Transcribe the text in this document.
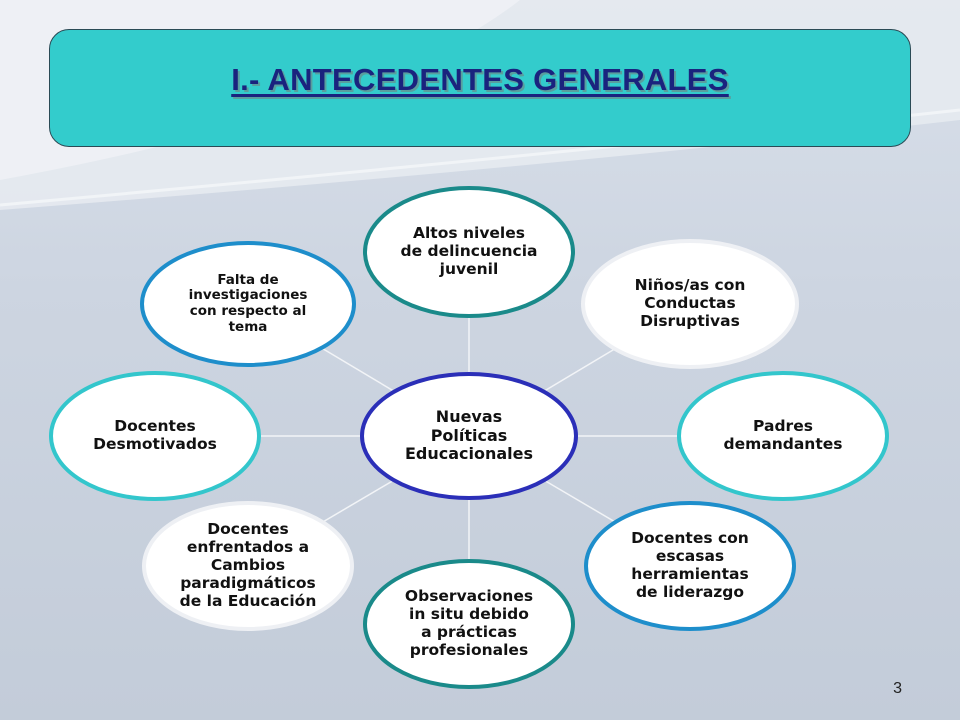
I.- ANTECEDENTES GENERALES
Altos niveles
de delincuencia
juvenil
Niños/as con
Conductas
Disruptivas
Padres
demandantes
Docentes con
escasas
herramientas
de liderazgo
Observaciones
in situ debido
a prácticas
profesionales
Docentes
enfrentados a
Cambios
paradigmáticos
de la Educación
Docentes
Desmotivados
Falta de
investigaciones
con respecto al
tema
Nuevas
Políticas
Educacionales
3
